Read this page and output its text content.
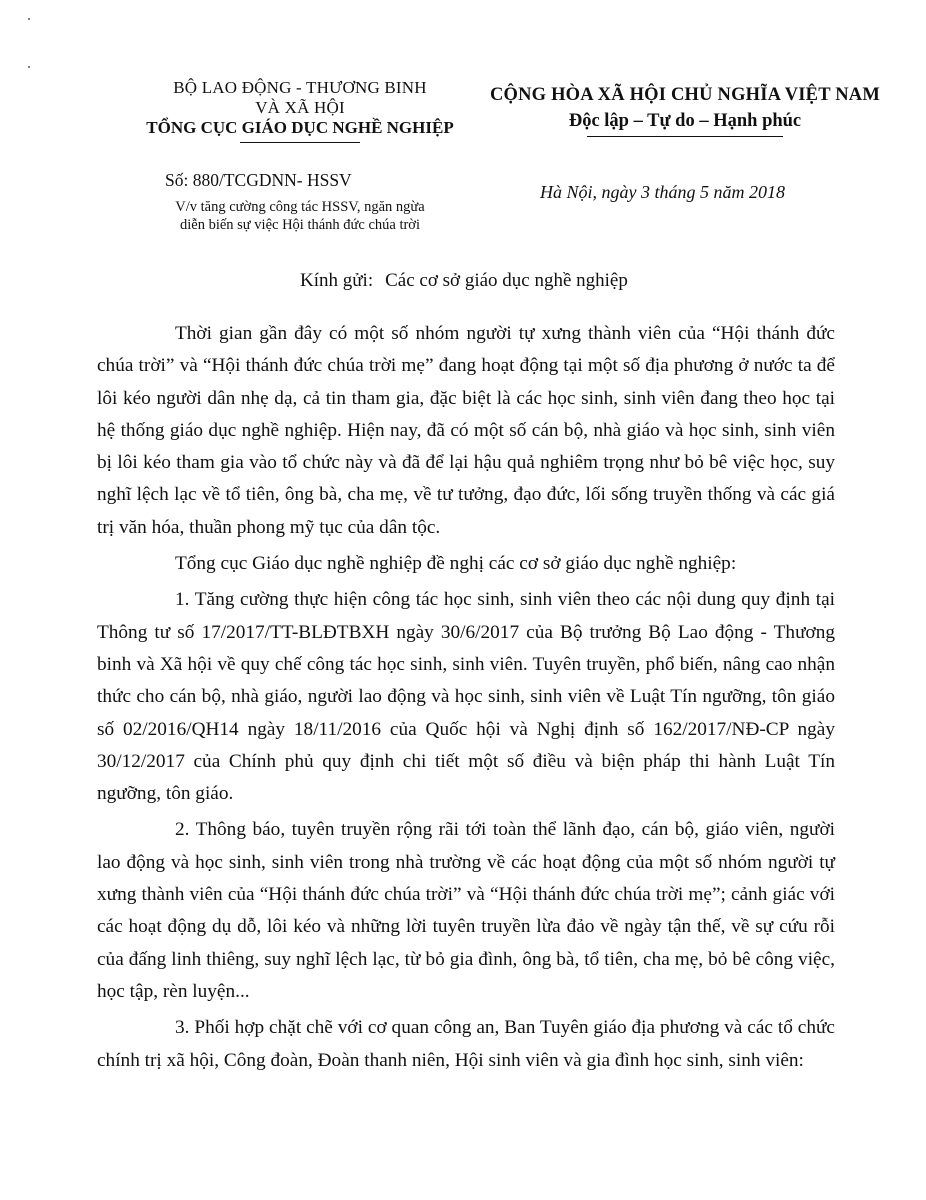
BỘ LAO ĐỘNG - THƯƠNG BINH
VÀ XÃ HỘI
TỔNG CỤC GIÁO DỤC NGHỀ NGHIỆP
CỘNG HÒA XÃ HỘI CHỦ NGHĨA VIỆT NAM
Độc lập – Tự do – Hạnh phúc
Số: 880/TCGDNN- HSSV
V/v tăng cường công tác HSSV, ngăn ngừa
diễn biến sự việc Hội thánh đức chúa trời
Hà Nội, ngày 3 tháng 5 năm 2018
Kính gửi: Các cơ sở giáo dục nghề nghiệp

Thời gian gần đây có một số nhóm người tự xưng thành viên của “Hội thánh đức chúa trời” và “Hội thánh đức chúa trời mẹ” đang hoạt động tại một số địa phương ở nước ta để lôi kéo người dân nhẹ dạ, cả tin tham gia, đặc biệt là các học sinh, sinh viên đang theo học tại hệ thống giáo dục nghề nghiệp. Hiện nay, đã có một số cán bộ, nhà giáo và học sinh, sinh viên bị lôi kéo tham gia vào tổ chức này và đã để lại hậu quả nghiêm trọng như bỏ bê việc học, suy nghĩ lệch lạc về tổ tiên, ông bà, cha mẹ, về tư tưởng, đạo đức, lối sống truyền thống và các giá trị văn hóa, thuần phong mỹ tục của dân tộc.

Tổng cục Giáo dục nghề nghiệp đề nghị các cơ sở giáo dục nghề nghiệp:

1. Tăng cường thực hiện công tác học sinh, sinh viên theo các nội dung quy định tại Thông tư số 17/2017/TT-BLĐTBXH ngày 30/6/2017 của Bộ trưởng Bộ Lao động - Thương binh và Xã hội về quy chế công tác học sinh, sinh viên. Tuyên truyền, phổ biến, nâng cao nhận thức cho cán bộ, nhà giáo, người lao động và học sinh, sinh viên về Luật Tín ngưỡng, tôn giáo số 02/2016/QH14 ngày 18/11/2016 của Quốc hội và Nghị định số 162/2017/NĐ-CP ngày 30/12/2017 của Chính phủ quy định chi tiết một số điều và biện pháp thi hành Luật Tín ngưỡng, tôn giáo.

2. Thông báo, tuyên truyền rộng rãi tới toàn thể lãnh đạo, cán bộ, giáo viên, người lao động và học sinh, sinh viên trong nhà trường về các hoạt động của một số nhóm người tự xưng thành viên của “Hội thánh đức chúa trời” và “Hội thánh đức chúa trời mẹ”; cảnh giác với các hoạt động dụ dỗ, lôi kéo và những lời tuyên truyền lừa đảo về ngày tận thế, về sự cứu rỗi của đấng linh thiêng, suy nghĩ lệch lạc, từ bỏ gia đình, ông bà, tổ tiên, cha mẹ, bỏ bê công việc, học tập, rèn luyện...

3. Phối hợp chặt chẽ với cơ quan công an, Ban Tuyên giáo địa phương và các tổ chức chính trị xã hội, Công đoàn, Đoàn thanh niên, Hội sinh viên và gia đình học sinh, sinh viên:
